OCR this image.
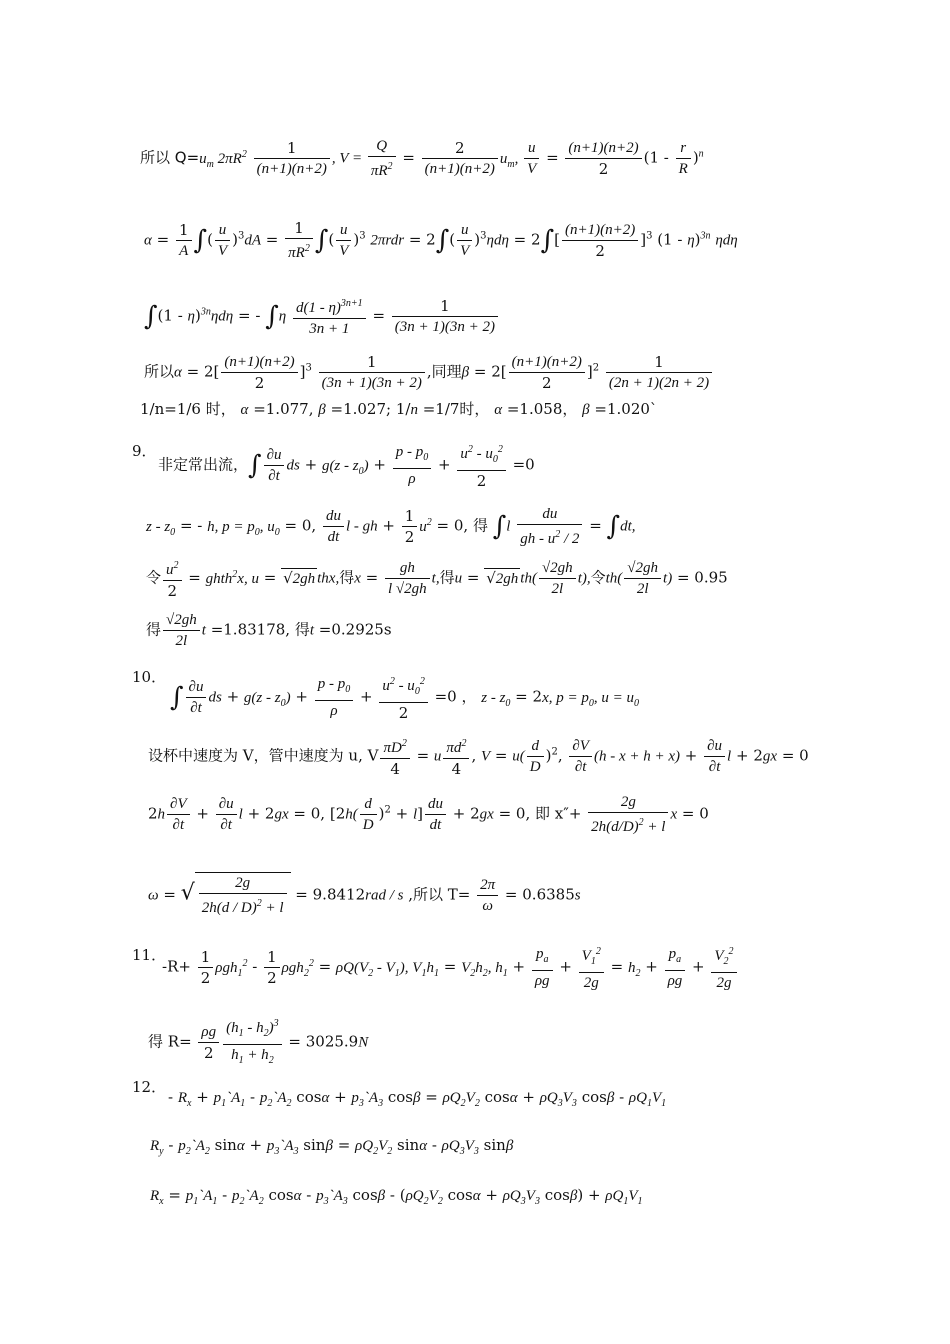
所以 $Q=u_m$ $2\pi R^2 \frac{1}{(n+1)(n+2)}$ , $V = \frac{Q}{\pi R^2} = \frac{2}{(n+1)(n+2)} u_m$, $\frac{u}{V} = \frac{(n+1)(n+2)}{2} (1 - \frac{r}{R} )^n$
$\alpha = \frac{1}{A}$ ∫( $\frac{u}{V} )^3dA = \frac{1}{\pi R^2}$ ∫( $\frac{u}{V} )^3$ $2\pi rdr = 2\int( \frac{u}{V} )^3\eta d\eta = 2\int[ \frac{(n+1)(n+2)}{2} ]^3$ (1 - η)$^{3n}$ ηdη
∫(1 - η)$^{3n}$ηdη = - $\int\eta \frac{d(1 - \eta)^{3n+1}}{3n + 1} = \frac{1}{(3n + 1)(3n + 2)}$
所以$\alpha = 2[ \frac{(n+1)(n+2)}{2} ]^3 \frac{1}{(3n + 1)(3n + 2)}$ ,同理$\beta = 2[ \frac{(n+1)(n+2)}{2} ]^2 \frac{1}{(2n + 1)(2n + 2)}$
1/n=1/6 时， α =1.077, β =1.027; 1/n =1/7时， α =1.058， β =1.020`
9．
非定常出流，∫ $\frac{\partial u}{\partial t}$ ds + $g(z - z_0) + \frac{p - p_0}{\rho} + \frac{u^2 - u_0^2}{2} =0$
z - $z_0$ = - h, $p = p_0$, $u_0 = 0$, $\frac{du}{dt}$ l - gh + $\frac{1}{2} u^2 = 0$, 得 $\int l \frac{du}{gh - u^2 / 2} = \int dt$,
令 $\frac{u^2}{2}$ = ghth$^2$x, u = √2gh thx,得$x = \frac{gh}{l √2gh} t$,得u = √2gh $th( \frac{√2gh}{2l} t)$,令$th( \frac{√2gh}{2l} t) = 0.95$
得 $\frac{√2gh}{2l}$ t =1.83178, 得t =0.2925s
10．
∫ $\frac{\partial u}{\partial t}$ ds + $g(z - z_0) + \frac{p - p_0}{\rho} + \frac{u^2 - u_0^2}{2} =0$ ， $z - z_0 = 2x$, $p = p_0$, $u = u_0$
设杯中速度为 V，管中速度为 u, V $\frac{\pi D^2}{4} = u \frac{\pi d^2}{4}$ , $V = u( \frac{d}{D} )^2$, $\frac{\partial V}{\partial t} (h - x + h + x) + \frac{\partial u}{\partial t}$ l + 2gx = 0
$2h \frac{\partial V}{\partial t} + \frac{\partial u}{\partial t}$ l + 2gx = 0, $[2h( \frac{d}{D} )^2 + l] \frac{du}{dt} + 2gx = 0$, 即 $x''+ \frac{2g}{2h(d/D)^2 + l}$ x = 0
ω = √ $\frac{2g}{2h(d / D)^2 + l} = 9.8412rad / s$ ,所以 $T= \frac{2\pi}{\omega} = 0.6385s$
11．
$-R+ \frac{1}{2} \rho gh_1^2 - \frac{1}{2} \rho gh_2^2 = \rho Q(V_2 - V_1)$, $V_1h_1 = V_2h_2$, $h_1 + \frac{p_a}{\rho g} + \frac{V_1^2}{2g} = h_2 + \frac{p_a}{\rho g} + \frac{V_2^2}{2g}$
得 $R= \frac{\rho g}{2} \frac{(h_1 - h_2)^3}{h_1 + h_2} = 3025.9N$
12．
- $R_x$ + $p_1`A_1$ - $p_2`A_2$ $\cos\alpha + p_3`A_3$ $\cos\beta = \rho Q_2V_2$ $\cos\alpha + \rho Q_3V_3$ cosβ - $\rho Q_1V_1$
$R_y$ - $p_2`A_2$ $\sin\alpha + p_3`A_3$ $\sin\beta = \rho Q_2V_2$ sinα - $\rho Q_3V_3$ sinβ
$R_x$ = $p_1`A_1$ - $p_2`A_2$ cosα - $p_3`A_3$ cosβ - ($\rho Q_2V_2$ $\cos\alpha + \rho Q_3V_3$ $\cos\beta) + \rho Q_1V_1$
